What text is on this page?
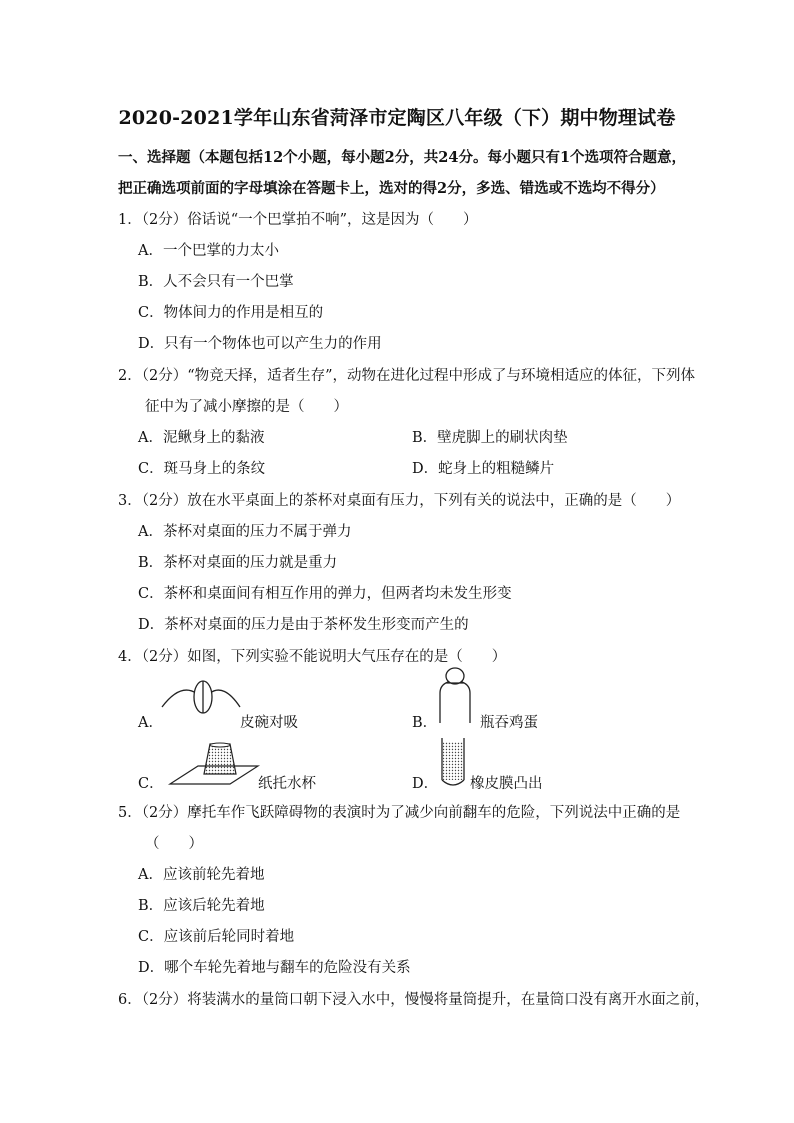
2020-2021学年山东省菏泽市定陶区八年级（下）期中物理试卷
一、选择题（本题包括12个小题，每小题2分，共24分。每小题只有1个选项符合题意，
把正确选项前面的字母填涂在答题卡上，选对的得2分，多选、错选或不选均不得分）
1．（2分）俗话说“一个巴掌拍不响”，这是因为（　　）
A．一个巴掌的力太小
B．人不会只有一个巴掌
C．物体间力的作用是相互的
D．只有一个物体也可以产生力的作用
2．（2分）“物竞天择，适者生存”，动物在进化过程中形成了与环境相适应的体征，下列体
征中为了减小摩擦的是（　　）
A．泥鳅身上的黏液	B．壁虎脚上的刷状肉垫
C．斑马身上的条纹	D．蛇身上的粗糙鳞片
3．（2分）放在水平桌面上的茶杯对桌面有压力，下列有关的说法中，正确的是（　　）
A．茶杯对桌面的压力不属于弹力
B．茶杯对桌面的压力就是重力
C．茶杯和桌面间有相互作用的弹力，但两者均未发生形变
D．茶杯对桌面的压力是由于茶杯发生形变而产生的
4．（2分）如图，下列实验不能说明大气压存在的是（　　）
A．	皮碗对吸	B．	瓶吞鸡蛋
C．	纸托水杯	D． 橡皮膜凸出
5．（2分）摩托车作飞跃障碍物的表演时为了减少向前翻车的危险，下列说法中正确的是
（　　）
A．应该前轮先着地
B．应该后轮先着地
C．应该前后轮同时着地
D．哪个车轮先着地与翻车的危险没有关系
6．（2分）将装满水的量筒口朝下浸入水中，慢慢将量筒提升，在量筒口没有离开水面之前，
